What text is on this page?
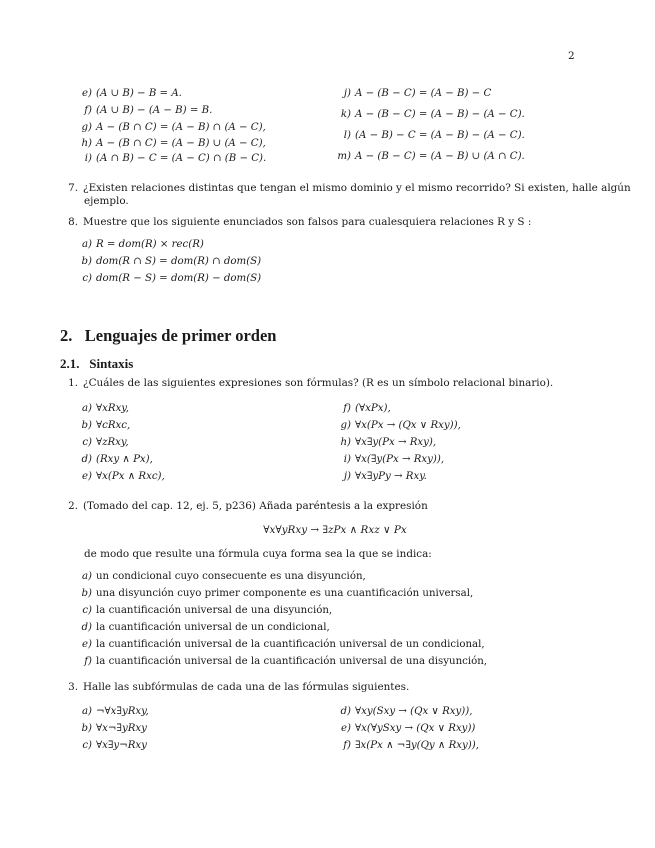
2
e) (A ∪ B) − B = A.
f) (A ∪ B) − (A − B) = B.
g) A − (B ∩ C) = (A − B) ∩ (A − C),
h) A − (B ∩ C) = (A − B) ∪ (A − C),
i) (A ∩ B) − C = (A − C) ∩ (B − C).
j) A − (B − C) = (A − B) − C
k) A − (B − C) = (A − B) − (A − C).
l) (A − B) − C = (A − B) − (A − C).
m) A − (B − C) = (A − B) ∪ (A ∩ C).
7. ¿Existen relaciones distintas que tengan el mismo dominio y el mismo recorrido? Si existen, halle algún
ejemplo.
8. Muestre que los siguiente enunciados son falsos para cualesquiera relaciones R y S :
a) R = dom(R) × rec(R)
b) dom(R ∩ S) = dom(R) ∩ dom(S)
c) dom(R − S) = dom(R) − dom(S)
2. Lenguajes de primer orden
2.1. Sintaxis
1. ¿Cuáles de las siguientes expresiones son fórmulas? (R es un símbolo relacional binario).
a) ∀xRxy,
b) ∀cRxc,
c) ∀zRxy,
d) (Rxy ∧ Px),
e) ∀x(Px ∧ Rxc),
f) (∀xPx),
g) ∀x(Px → (Qx ∨ Rxy)),
h) ∀x∃y(Px → Rxy),
i) ∀x(∃y(Px → Rxy)),
j) ∀x∃yPy → Rxy.
2. (Tomado del cap. 12, ej. 5, p236) Añada paréntesis a la expresión
∀x∀yRxy → ∃zPx ∧ Rxz ∨ Px
de modo que resulte una fórmula cuya forma sea la que se indica:
a) un condicional cuyo consecuente es una disyunción,
b) una disyunción cuyo primer componente es una cuantificación universal,
c) la cuantificación universal de una disyunción,
d) la cuantificación universal de un condicional,
e) la cuantificación universal de la cuantificación universal de un condicional,
f) la cuantificación universal de la cuantificación universal de una disyunción,
3. Halle las subfórmulas de cada una de las fórmulas siguientes.
a) ¬∀x∃yRxy,
b) ∀x¬∃yRxy
c) ∀x∃y¬Rxy
d) ∀xy(Sxy → (Qx ∨ Rxy)),
e) ∀x(∀ySxy → (Qx ∨ Rxy))
f) ∃x(Px ∧ ¬∃y(Qy ∧ Rxy)),
